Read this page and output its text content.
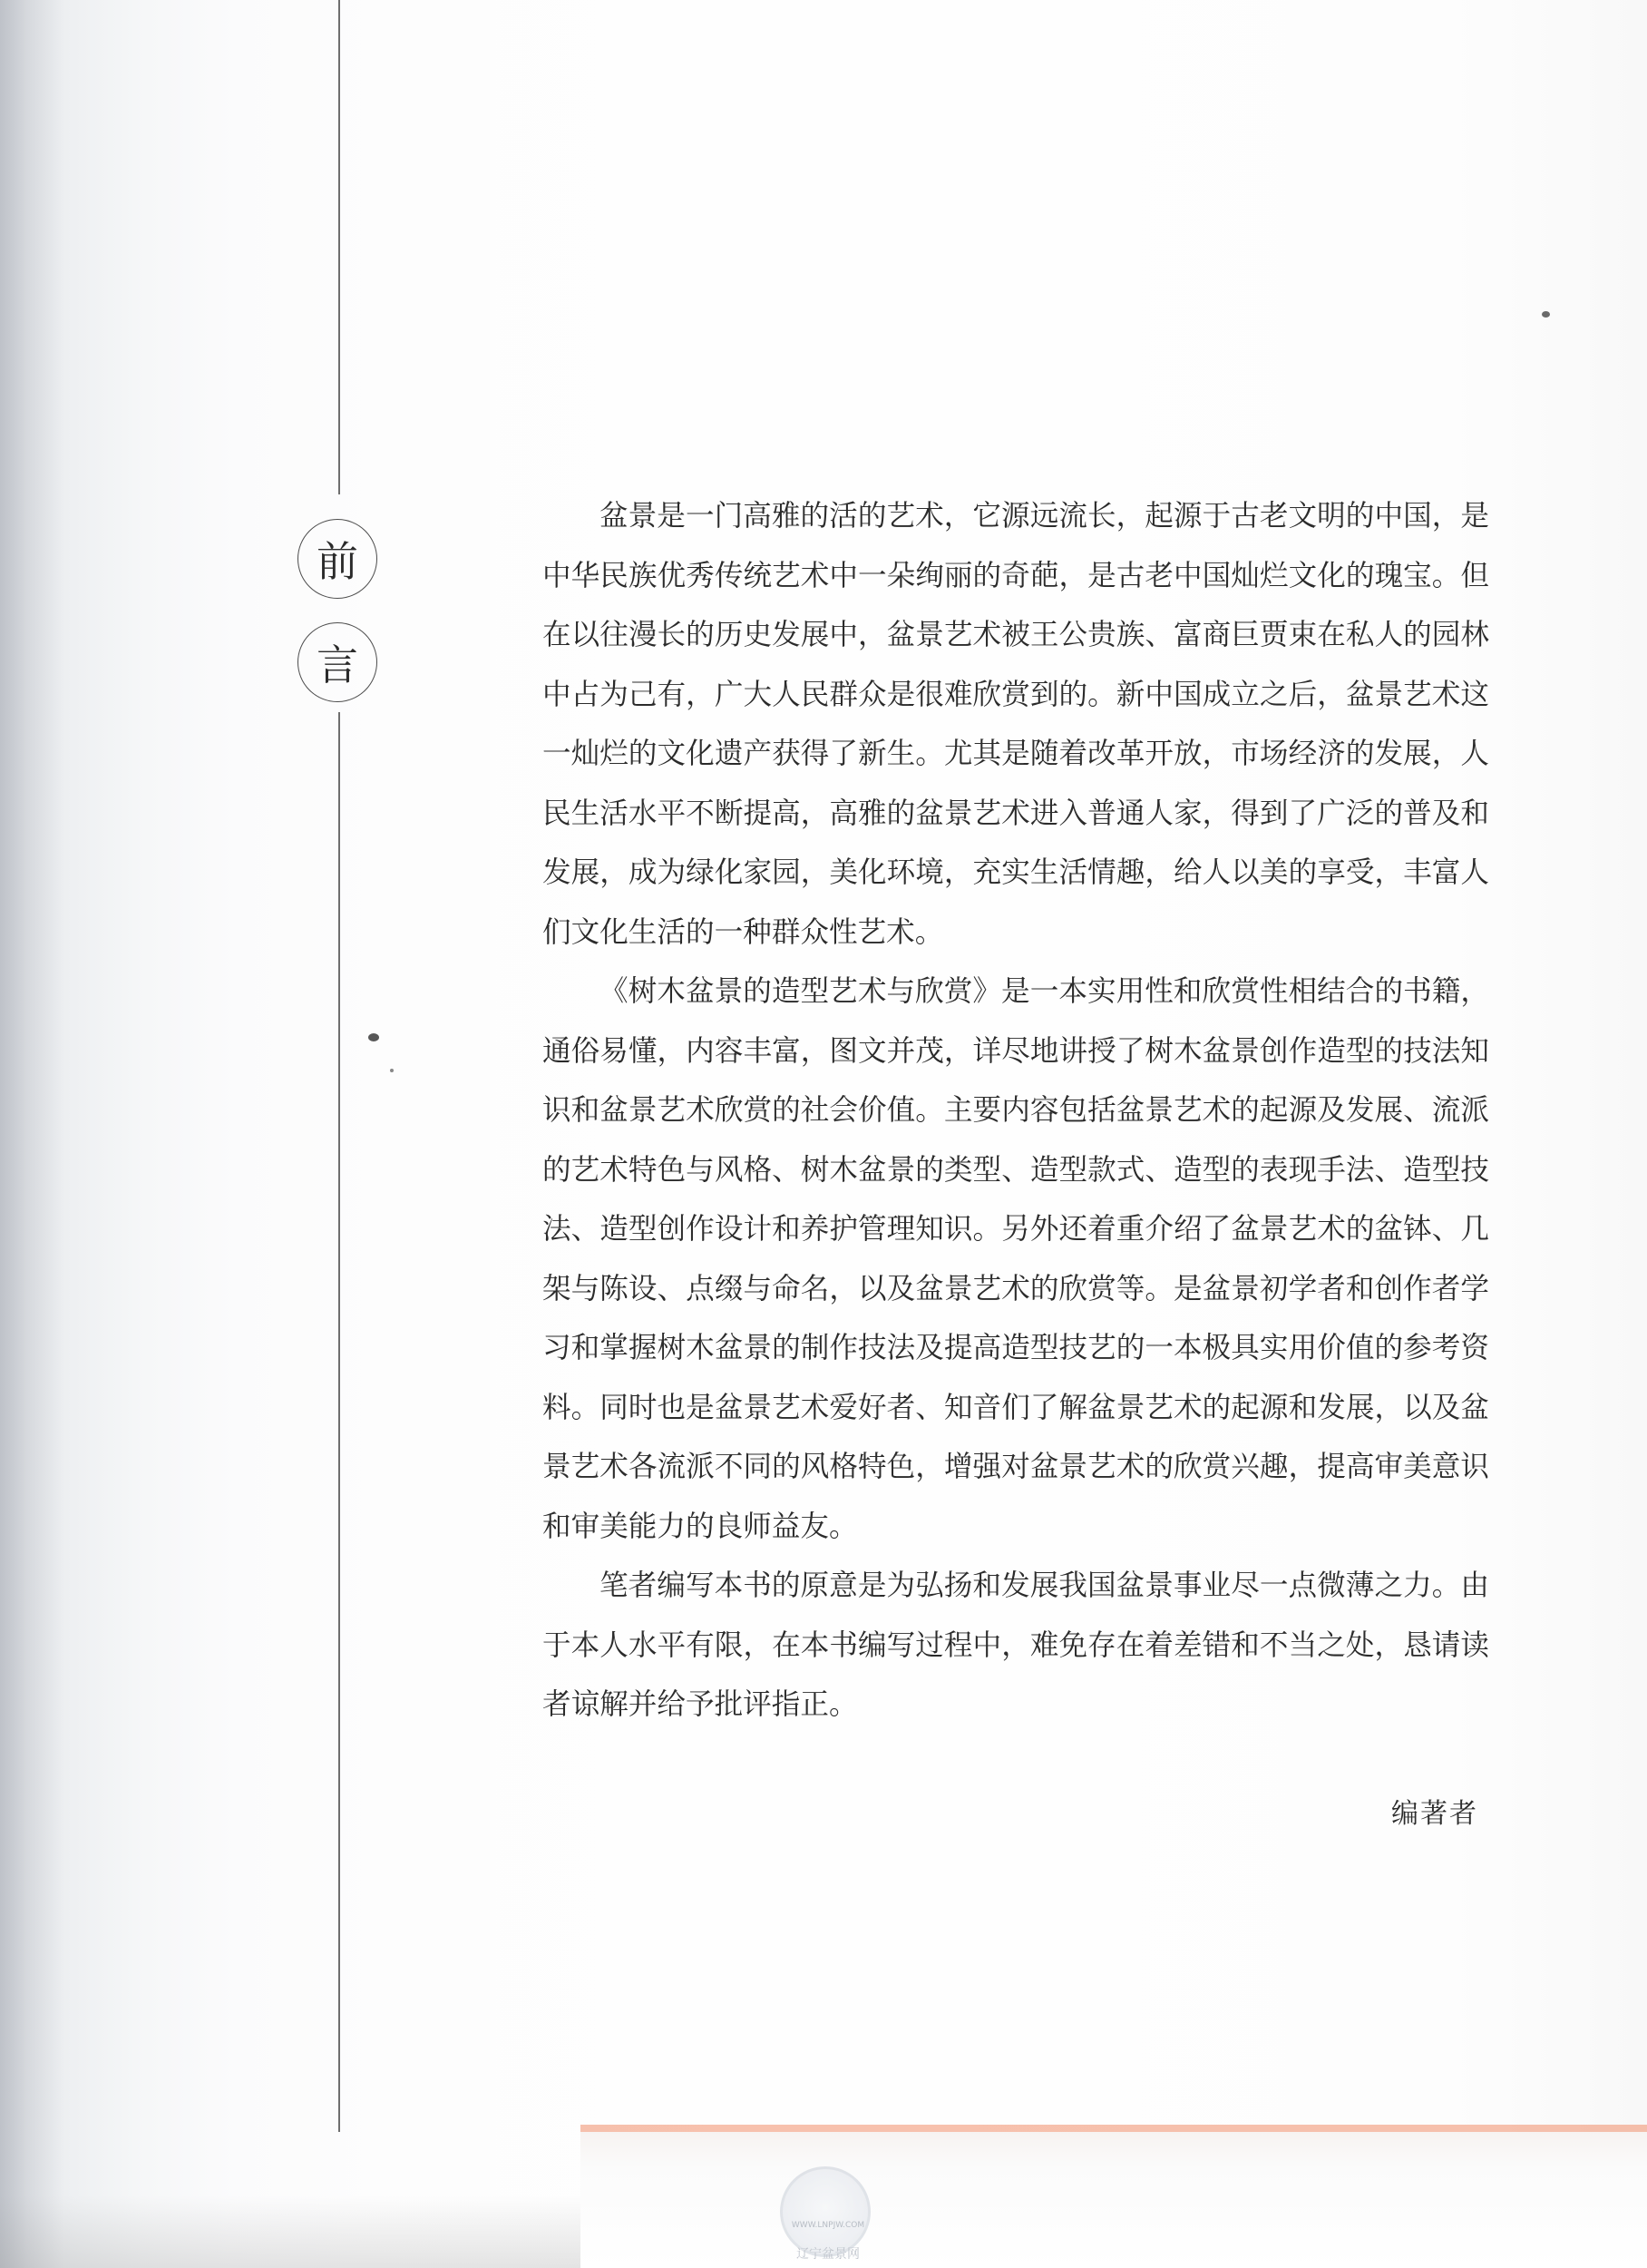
前
言

盆景是一门高雅的活的艺术，它源远流长，起源于古老文明的中国，是中华民族优秀传统艺术中一朵绚丽的奇葩，是古老中国灿烂文化的瑰宝。但在以往漫长的历史发展中，盆景艺术被王公贵族、富商巨贾束在私人的园林中占为己有，广大人民群众是很难欣赏到的。新中国成立之后，盆景艺术这一灿烂的文化遗产获得了新生。尤其是随着改革开放，市场经济的发展，人民生活水平不断提高，高雅的盆景艺术进入普通人家，得到了广泛的普及和发展，成为绿化家园，美化环境，充实生活情趣，给人以美的享受，丰富人们文化生活的一种群众性艺术。

《树木盆景的造型艺术与欣赏》是一本实用性和欣赏性相结合的书籍，通俗易懂，内容丰富，图文并茂，详尽地讲授了树木盆景创作造型的技法知识和盆景艺术欣赏的社会价值。主要内容包括盆景艺术的起源及发展、流派的艺术特色与风格、树木盆景的类型、造型款式、造型的表现手法、造型技法、造型创作设计和养护管理知识。另外还着重介绍了盆景艺术的盆钵、几架与陈设、点缀与命名，以及盆景艺术的欣赏等。是盆景初学者和创作者学习和掌握树木盆景的制作技法及提高造型技艺的一本极具实用价值的参考资料。同时也是盆景艺术爱好者、知音们了解盆景艺术的起源和发展，以及盆景艺术各流派不同的风格特色，增强对盆景艺术的欣赏兴趣，提高审美意识和审美能力的良师益友。

笔者编写本书的原意是为弘扬和发展我国盆景事业尽一点微薄之力。由于本人水平有限，在本书编写过程中，难免存在着差错和不当之处，恳请读者谅解并给予批评指正。

编著者
WWW.LNPJW.COM
辽宁盆景网
